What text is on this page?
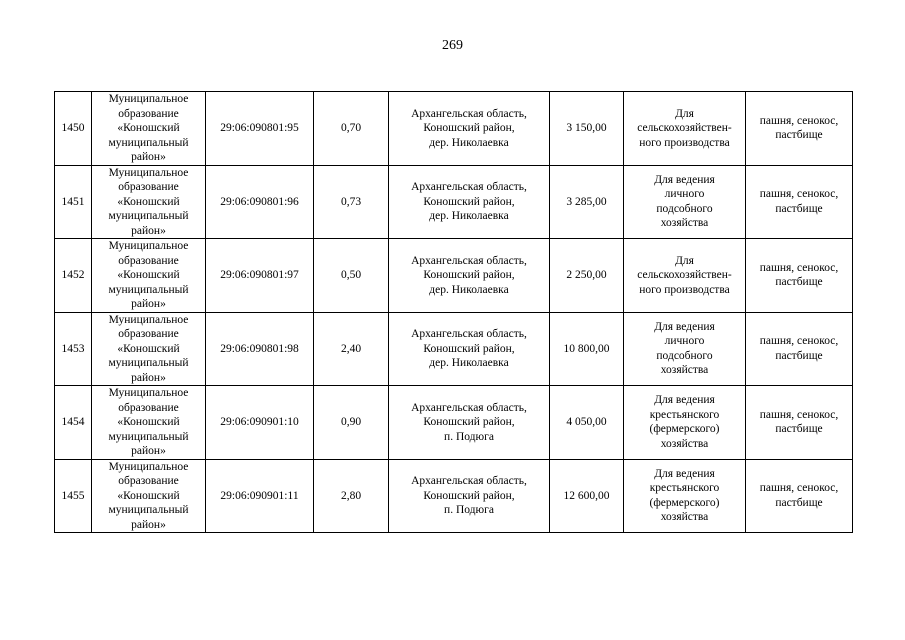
269
1450	Муниципальное
образование
«Коношский
муниципальный
район»	29:06:090801:95	0,70	Архангельская область,
Коношский район,
дер. Николаевка	3 150,00	Для
сельскохозяйствен-
ного производства	пашня, сенокос,
пастбище

1451	Муниципальное
образование
«Коношский
муниципальный
район»	29:06:090801:96	0,73	Архангельская область,
Коношский район,
дер. Николаевка	3 285,00	Для ведения
личного
подсобного
хозяйства	пашня, сенокос,
пастбище

1452	Муниципальное
образование
«Коношский
муниципальный
район»	29:06:090801:97	0,50	Архангельская область,
Коношский район,
дер. Николаевка	2 250,00	Для
сельскохозяйствен-
ного производства	пашня, сенокос,
пастбище

1453	Муниципальное
образование
«Коношский
муниципальный
район»	29:06:090801:98	2,40	Архангельская область,
Коношский район,
дер. Николаевка	10 800,00	Для ведения
личного
подсобного
хозяйства	пашня, сенокос,
пастбище

1454	Муниципальное
образование
«Коношский
муниципальный
район»	29:06:090901:10	0,90	Архангельская область,
Коношский район,
п. Подюга	4 050,00	Для ведения
крестьянского
(фермерского)
хозяйства	пашня, сенокос,
пастбище

1455	Муниципальное
образование
«Коношский
муниципальный
район»	29:06:090901:11	2,80	Архангельская область,
Коношский район,
п. Подюга	12 600,00	Для ведения
крестьянского
(фермерского)
хозяйства	пашня, сенокос,
пастбище
